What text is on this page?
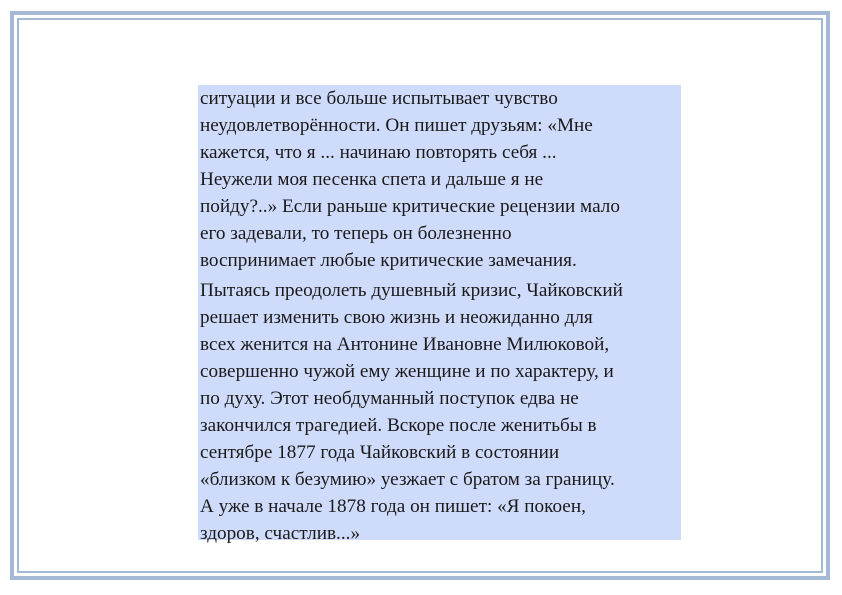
ситуации и все больше испытывает чувство
неудовлетворённости. Он пишет друзьям: «Мне
кажется, что я ... начинаю повторять себя ...
Неужели моя песенка спета и дальше я не
пойду?..» Если раньше критические рецензии мало
его задевали, то теперь он болезненно
воспринимает любые критические замечания.

Пытаясь преодолеть душевный кризис, Чайковский
решает изменить свою жизнь и неожиданно для
всех женится на Антонине Ивановне Милюковой,
совершенно чужой ему женщине и по характеру, и
по духу. Этот необдуманный поступок едва не
закончился трагедией. Вскоре после женитьбы в
сентябре 1877 года Чайковский в состоянии
«близком к безумию» уезжает с братом за границу.
А уже в начале 1878 года он пишет: «Я покоен,
здоров, счастлив...»
